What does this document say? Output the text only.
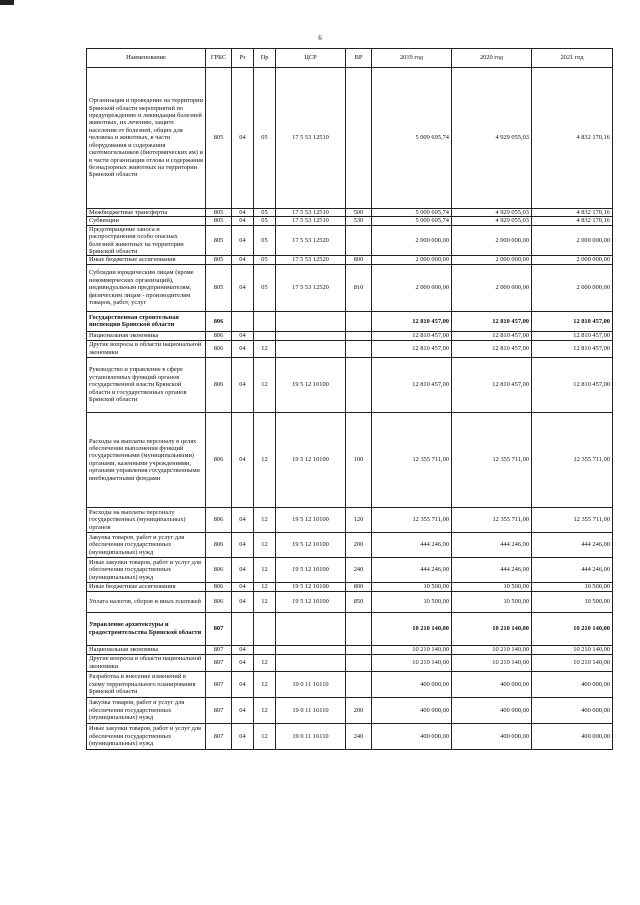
6
Наименование	ГРБС	Рз	Пр	ЦСР	ВР	2019 год	2020 год	2021 год
Организация и проведение на территории Брянской области мероприятий по предупреждению и ликвидации болезней животных, их лечению, защите населения от болезней, общих для человека и животных, в части оборудования и содержания скотомогильников (биотермических ям) и в части организации отлова и содержания безнадзорных животных на территории Брянской области	805	04	05	17 5 53 12510		5 009 695,74	4 929 055,03	4 832 170,16
Межбюджетные трансферты	805	04	05	17 5 53 12510	500	5 009 695,74	4 929 055,03	4 832 170,16
Субвенции	805	04	05	17 5 53 12510	530	5 009 695,74	4 929 055,03	4 832 170,16
Предотвращение заноса и распространения особо опасных болезней животных на территории Брянской области	805	04	05	17 5 53 12520		2 000 000,00	2 000 000,00	2 000 000,00
Иные бюджетные ассигнования	805	04	05	17 5 53 12520	800	2 000 000,00	2 000 000,00	2 000 000,00
Субсидии юридическим лицам (кроме некоммерческих организаций), индивидуальным предпринимателям, физическим лицам - производителям товаров, работ, услуг	805	04	05	17 5 53 12520	810	2 000 000,00	2 000 000,00	2 000 000,00
Государственная строительная инспекция Брянской области	806					12 810 457,00	12 810 457,00	12 810 457,00
Национальная экономика	806	04				12 810 457,00	12 810 457,00	12 810 457,00
Другие вопросы в области национальной экономики	806	04	12			12 810 457,00	12 810 457,00	12 810 457,00
Руководство и управление в сфере установленных функций органов государственной власти Брянской области и государственных органов Брянской области	806	04	12	19 5 12 10100		12 810 457,00	12 810 457,00	12 810 457,00
Расходы на выплаты персоналу в целях обеспечения выполнения функций государственными (муниципальными) органами, казенными учреждениями, органами управления государственными внебюджетными фондами	806	04	12	19 5 12 10100	100	12 355 711,00	12 355 711,00	12 355 711,00
Расходы на выплаты персоналу государственных (муниципальных) органов	806	04	12	19 5 12 10100	120	12 355 711,00	12 355 711,00	12 355 711,00
Закупка товаров, работ и услуг для обеспечения государственных (муниципальных) нужд	806	04	12	19 5 12 10100	200	444 246,00	444 246,00	444 246,00
Иные закупки товаров, работ и услуг для обеспечения государственных (муниципальных) нужд	806	04	12	19 5 12 10100	240	444 246,00	444 246,00	444 246,00
Иные бюджетные ассигнования	806	04	12	19 5 12 10100	800	10 500,00	10 500,00	10 500,00
Уплата налогов, сборов и иных платежей	806	04	12	19 5 12 10100	850	10 500,00	10 500,00	10 500,00
Управление архитектуры и градостроительства Брянской области	807					10 210 140,00	10 210 140,00	10 210 140,00
Национальная экономика	807	04				10 210 140,00	10 210 140,00	10 210 140,00
Другие вопросы в области национальной экономики	807	04	12			10 210 140,00	10 210 140,00	10 210 140,00
Разработка и внесение изменений в схему территориального планирования Брянской области	807	04	12	19 0 11 16110		400 000,00	400 000,00	400 000,00
Закупка товаров, работ и услуг для обеспечения государственных (муниципальных) нужд	807	04	12	19 0 11 16110	200	400 000,00	400 000,00	400 000,00
Иные закупки товаров, работ и услуг для обеспечения государственных (муниципальных) нужд	807	04	12	19 0 11 16110	240	400 000,00	400 000,00	400 000,00
